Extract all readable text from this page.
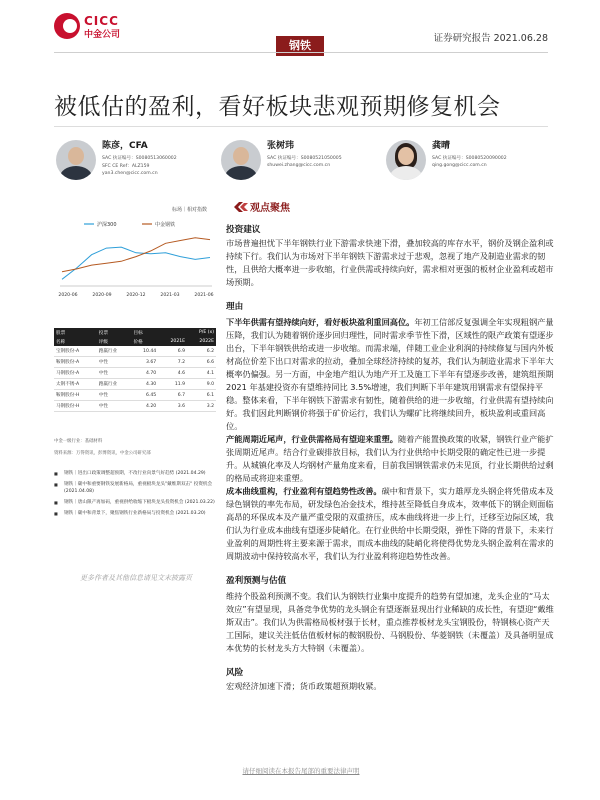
CICC
中金公司
钢铁
证券研究报告 2021.06.28
被低估的盈利，看好板块悲观预期修复机会
陈彦，CFA
SAC 执证编号：S0080513060002
SFC CE Ref：ALZ159
yan3.chen@cicc.com.cn
张树玮
SAC 执证编号：S0080521050005
shuwei.zhang@cicc.com.cn
龚晴
SAC 执证编号：S0080520090002
qing.gong@cicc.com.cn
标场｜相对指数
沪深300	中金钢铁
2020-06	2020-09	2020-12	2021-03	2021-06
股票	投票	目标	P/E (x)	
名称	评级	价格	2021E	2022E
宝钢股份-A	跑赢行业	10.44	6.9	6.2
鞍钢股份-A	中性	3.67	7.2	6.6
马钢股份-A	中性	4.70	4.6	4.1
太钢不锈-A	跑赢行业	4.30	11.9	9.0
鞍钢股份-H	中性	6.45	6.7	6.1
马钢股份-H	中性	4.20	3.6	3.2
中金一级行业：基础材料
资料来源：万得资讯，彭博资讯，中金公司研究部
■ 钢铁｜进出口政策调整超预期，不改行业向景气好趋势 (2021.04.29)
■ 钢铁｜碳中和重要钢铁发展新格局，重视板块龙头"戴维斯双击" 投资机会 (2021.04.08)
■ 钢铁｜唐山限产再加码，重视供给收缩下板块龙头投资机会 (2021.03.22)
■ 钢铁｜碳中和背景下，聚焦钢铁行业新格局与投资机会 (2021.03.20)
更多作者及其他信息请见文末披露页
观点聚焦

投资建议

市场普遍担忧下半年钢铁行业下游需求快速下滑，叠加较高的库存水平，钢价及钢企盈利或持续下行。我们认为市场对下半年钢铁下游需求过于悲观，忽视了地产及制造业需求的韧性，且供给大概率进一步收缩，行业供需或持续向好，需求相对更强的板材企业盈利或超市场预期。

理由

下半年供需有望持续向好，看好板块盈利重回高位。年初工信部反复强调全年实现粗钢产量压降，我们认为随着钢价逐步回归理性，同时需求季节性下滑，区域性的限产政策有望逐步出台，下半年钢铁供给或进一步收缩。而需求端，伴随工业企业利润的持续修复与国内外板材高位价差下出口对需求的拉动，叠加全球经济持续的复苏，我们认为制造业需求下半年大概率仍偏强。另一方面，中金地产组认为地产开工及施工下半年有望逐步改善，建筑组预期 2021 年基建投资亦有望维持同比 3.5%增速，我们判断下半年建筑用钢需求有望保持平稳。整体来看，下半年钢铁下游需求有韧性，随着供给的进一步收缩，行业供需有望持续向好。我们因此判断钢价将强于矿价运行，我们认为螺矿比将继续回升，板块盈利或重回高位。

产能周期近尾声，行业供需格局有望迎来重塑。随着产能置换政策的收紧，钢铁行业产能扩张周期近尾声。结合行业碳排放目标，我们认为行业供给中长期受限的确定性已进一步提升。从城镇化率及人均钢材产量角度来看，目前我国钢铁需求仍未见顶，行业长期供给过剩的格局或将迎来重塑。

成本曲线重构，行业盈利有望趋势性改善。碳中和背景下，实力雄厚龙头钢企将凭借成本及绿色钢铁的率先布局，研发绿色冶金技术，维持甚至降低自身成本，效率低下的钢企则面临高昂的环保成本及产量严重受限的双重挤压，成本曲线将进一步上行，迁移至边际区域，我们认为行业成本曲线有望逐步陡峭化。在行业供给中长期受限，弹性下降的背景下，未来行业盈利的周期性将主要来源于需求，而成本曲线的陡峭化将使得优势龙头钢企盈利在需求的周期波动中保持较高水平，我们认为行业盈利将迎趋势性改善。

盈利预测与估值

维持个股盈利预测不变。我们认为钢铁行业集中度提升的趋势有望加速，龙头企业的“马太效应”有望显现，具备竞争优势的龙头钢企有望逐渐显现出行业稀缺的成长性，有望迎“戴维斯双击”。我们认为供需格局板材强于长材，重点推荐板材龙头宝钢股份，特钢核心资产天工国际，建议关注低估值板材标的鞍钢股份、马钢股份、华菱钢铁（未覆盖）及具备明显成本优势的长材龙头方大特钢（未覆盖）。

风险

宏观经济加速下滑；货币政策超预期收紧。

请仔细阅读在本报告尾部的重要法律声明
